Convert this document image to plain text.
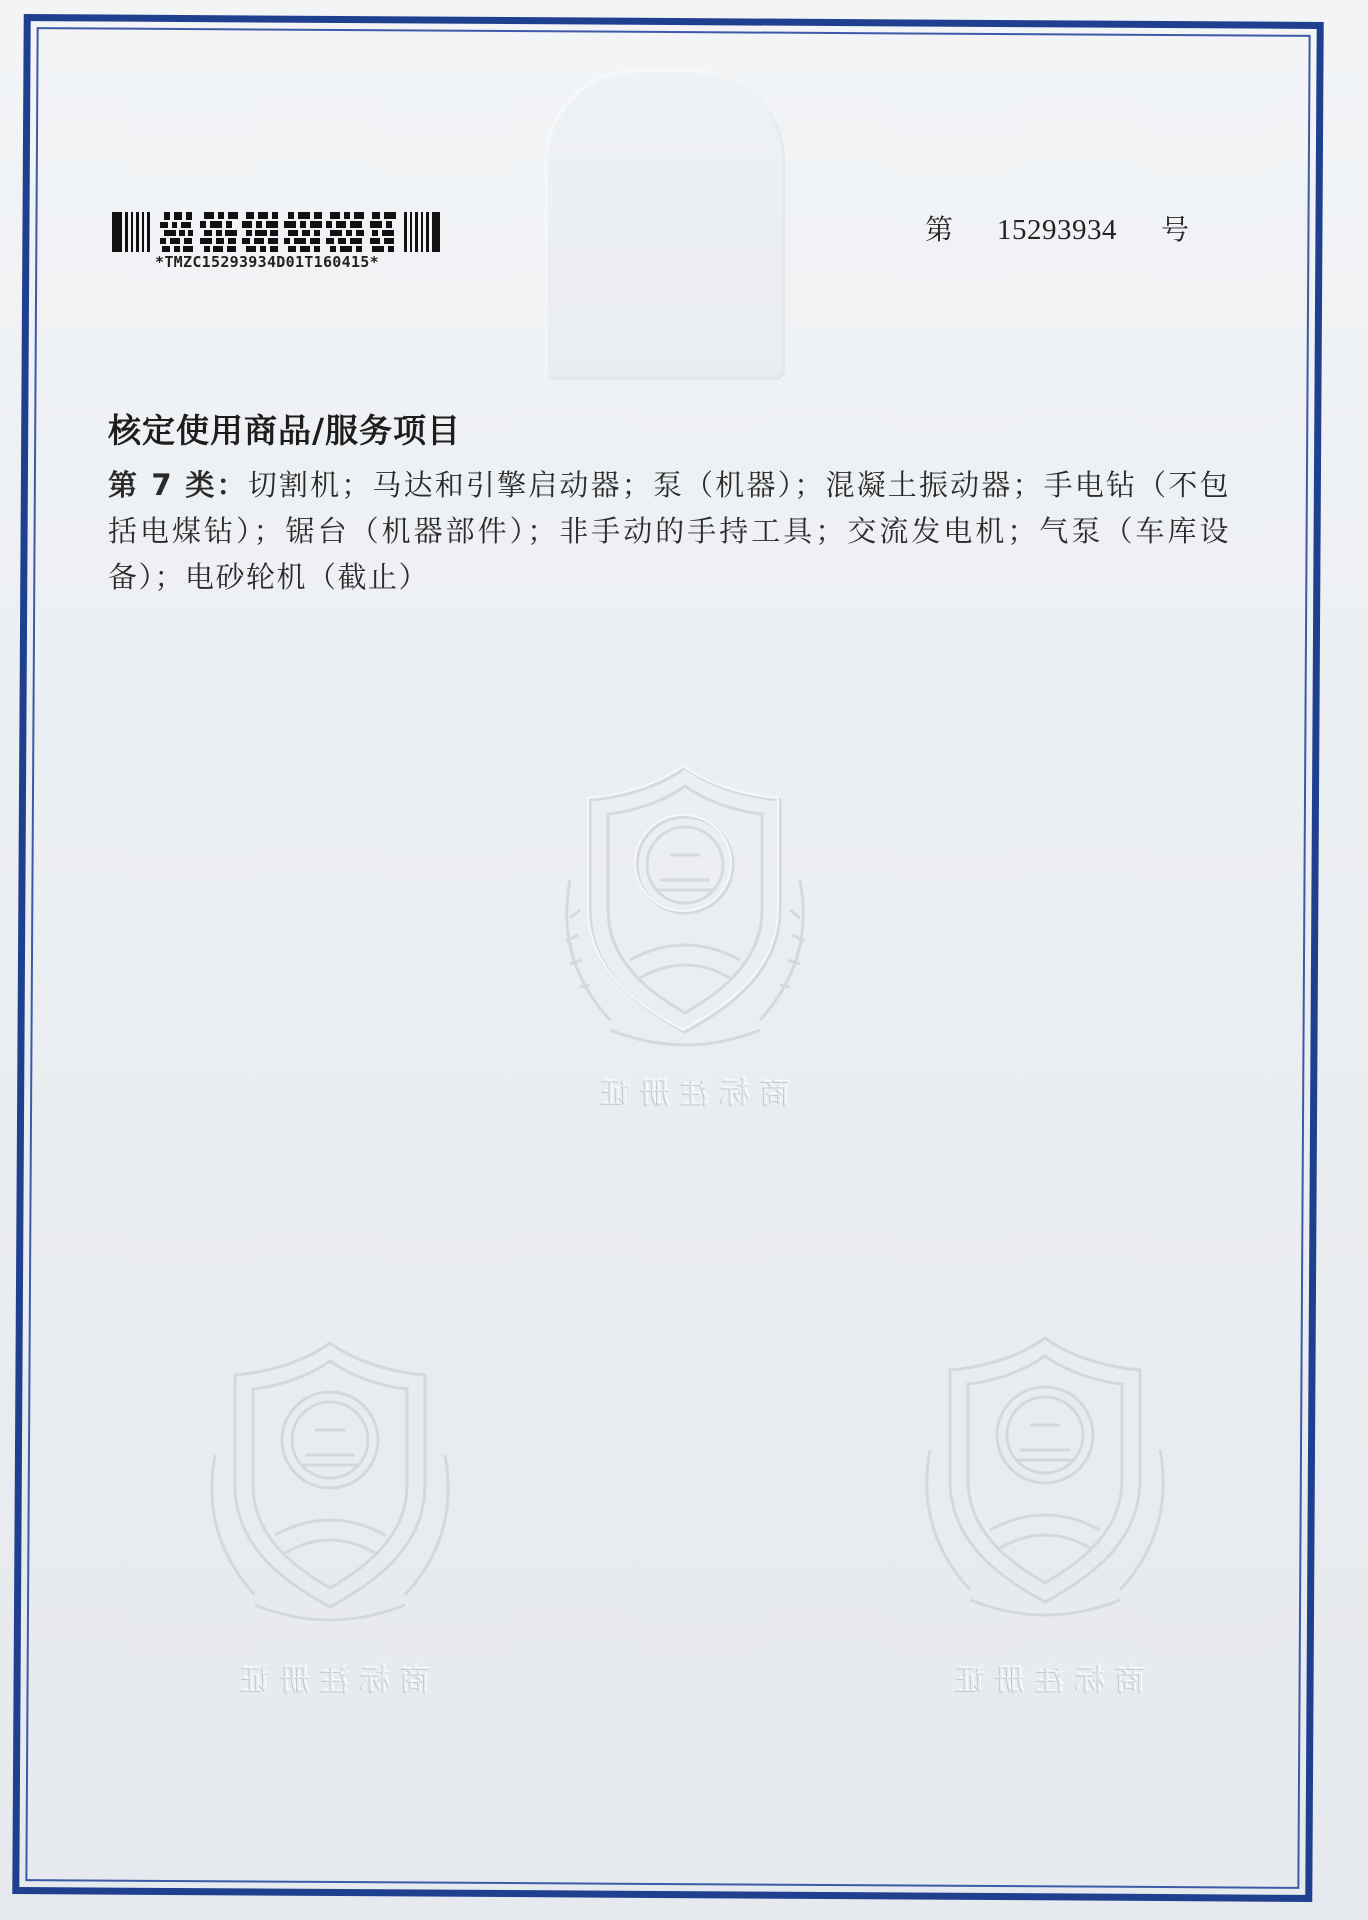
*TMZC15293934D01T160415*
第 15293934 号
核定使用商品/服务项目
第 7 类：切割机；马达和引擎启动器；泵（机器）；混凝土振动器；手电钻（不包括电煤钻）；锯台（机器部件）；非手动的手持工具；交流发电机；气泵（车库设备）；电砂轮机（截止）
商标注册证
商标注册证	商标注册证
